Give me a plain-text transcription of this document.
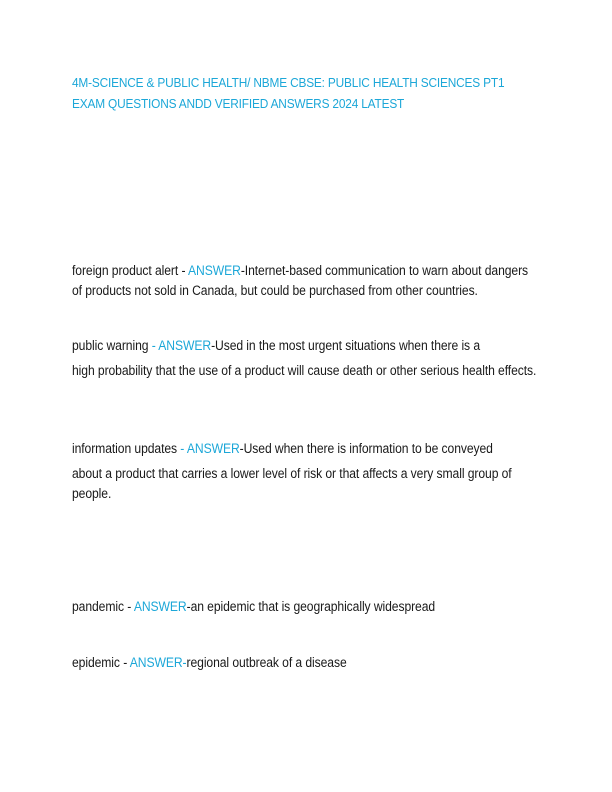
4M-SCIENCE & PUBLIC HEALTH/ NBME CBSE: PUBLIC HEALTH SCIENCES PT1 EXAM QUESTIONS ANDD VERIFIED ANSWERS 2024 LATEST

foreign product alert - ANSWER-Internet-based communication to warn about dangers of products not sold in Canada, but could be purchased from other countries.

public warning - ANSWER-Used in the most urgent situations when there is a

high probability that the use of a product will cause death or other serious health effects.

information updates - ANSWER-Used when there is information to be conveyed

about a product that carries a lower level of risk or that affects a very small group of people.

pandemic - ANSWER-an epidemic that is geographically widespread

epidemic - ANSWER-regional outbreak of a disease
